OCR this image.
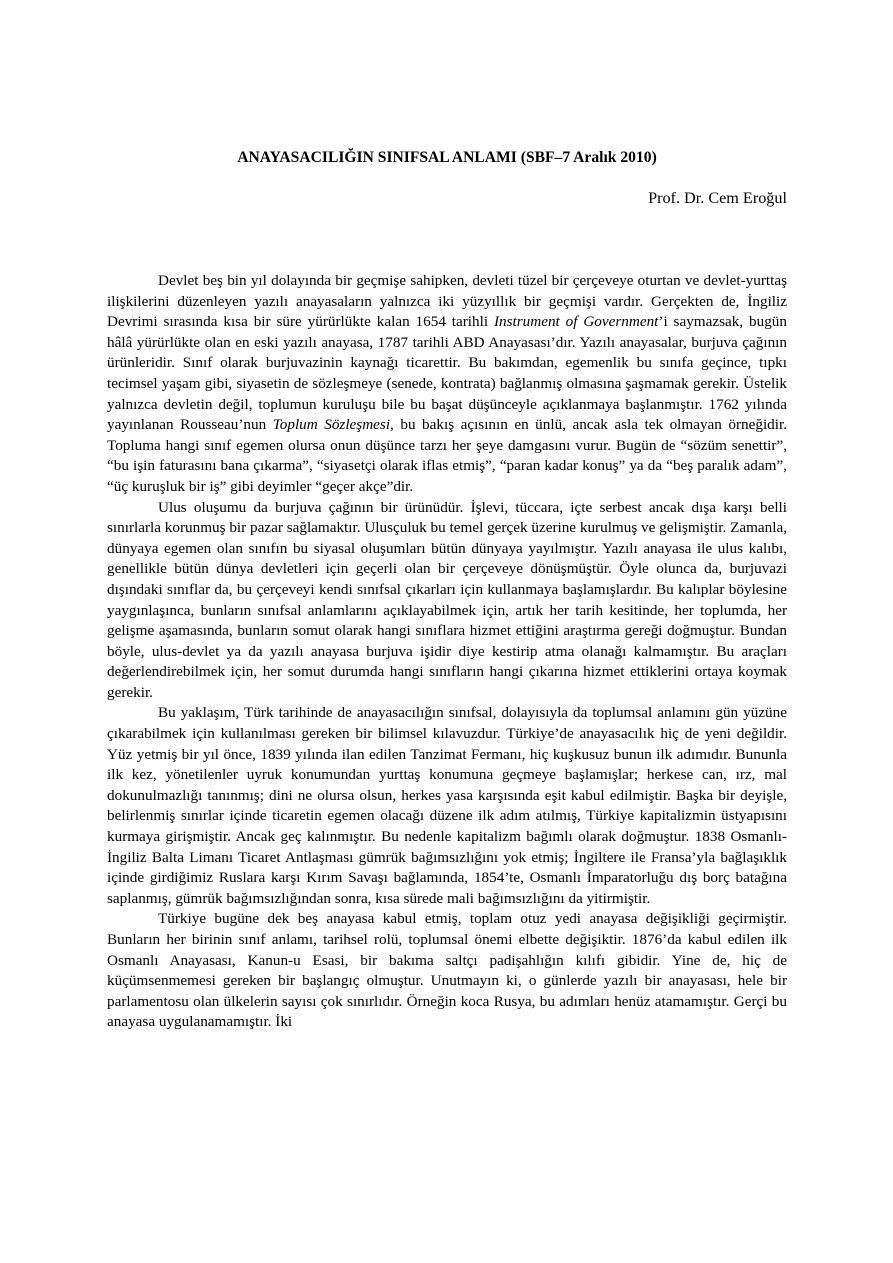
ANAYASACILIĞIN SINIFSAL ANLAMI (SBF–7 Aralık 2010)
Prof. Dr. Cem Eroğul

Devlet beş bin yıl dolayında bir geçmişe sahipken, devleti tüzel bir çerçeveye oturtan ve devlet-yurttaş ilişkilerini düzenleyen yazılı anayasaların yalnızca iki yüzyıllık bir geçmişi vardır. Gerçekten de, İngiliz Devrimi sırasında kısa bir süre yürürlükte kalan 1654 tarihli Instrument of Government’i saymazsak, bugün hâlâ yürürlükte olan en eski yazılı anayasa, 1787 tarihli ABD Anayasası’dır. Yazılı anayasalar, burjuva çağının ürünleridir. Sınıf olarak burjuvazinin kaynağı ticarettir. Bu bakımdan, egemenlik bu sınıfa geçince, tıpkı tecimsel yaşam gibi, siyasetin de sözleşmeye (senede, kontrata) bağlanmış olmasına şaşmamak gerekir. Üstelik yalnızca devletin değil, toplumun kuruluşu bile bu başat düşünceyle açıklanmaya başlanmıştır. 1762 yılında yayınlanan Rousseau’nun Toplum Sözleşmesi, bu bakış açısının en ünlü, ancak asla tek olmayan örneğidir. Topluma hangi sınıf egemen olursa onun düşünce tarzı her şeye damgasını vurur. Bugün de “sözüm senettir”, “bu işin faturasını bana çıkarma”, “siyasetçi olarak iflas etmiş”, “paran kadar konuş” ya da “beş paralık adam”, “üç kuruşluk bir iş” gibi deyimler “geçer akçe”dir.

Ulus oluşumu da burjuva çağının bir ürünüdür. İşlevi, tüccara, içte serbest ancak dışa karşı belli sınırlarla korunmuş bir pazar sağlamaktır. Ulusçuluk bu temel gerçek üzerine kurulmuş ve gelişmiştir. Zamanla, dünyaya egemen olan sınıfın bu siyasal oluşumları bütün dünyaya yayılmıştır. Yazılı anayasa ile ulus kalıbı, genellikle bütün dünya devletleri için geçerli olan bir çerçeveye dönüşmüştür. Öyle olunca da, burjuvazi dışındaki sınıflar da, bu çerçeveyi kendi sınıfsal çıkarları için kullanmaya başlamışlardır. Bu kalıplar böylesine yaygınlaşınca, bunların sınıfsal anlamlarını açıklayabilmek için, artık her tarih kesitinde, her toplumda, her gelişme aşamasında, bunların somut olarak hangi sınıflara hizmet ettiğini araştırma gereği doğmuştur. Bundan böyle, ulus-devlet ya da yazılı anayasa burjuva işidir diye kestirip atma olanağı kalmamıştır. Bu araçları değerlendirebilmek için, her somut durumda hangi sınıfların hangi çıkarına hizmet ettiklerini ortaya koymak gerekir.

Bu yaklaşım, Türk tarihinde de anayasacılığın sınıfsal, dolayısıyla da toplumsal anlamını gün yüzüne çıkarabilmek için kullanılması gereken bir bilimsel kılavuzdur. Türkiye’de anayasacılık hiç de yeni değildir. Yüz yetmiş bir yıl önce, 1839 yılında ilan edilen Tanzimat Fermanı, hiç kuşkusuz bunun ilk adımıdır. Bununla ilk kez, yönetilenler uyruk konumundan yurttaş konumuna geçmeye başlamışlar; herkese can, ırz, mal dokunulmazlığı tanınmış; dini ne olursa olsun, herkes yasa karşısında eşit kabul edilmiştir. Başka bir deyişle, belirlenmiş sınırlar içinde ticaretin egemen olacağı düzene ilk adım atılmış, Türkiye kapitalizmin üstyapısını kurmaya girişmiştir. Ancak geç kalınmıştır. Bu nedenle kapitalizm bağımlı olarak doğmuştur. 1838 Osmanlı-İngiliz Balta Limanı Ticaret Antlaşması gümrük bağımsızlığını yok etmiş; İngiltere ile Fransa’yla bağlaşıklık içinde girdiğimiz Ruslara karşı Kırım Savaşı bağlamında, 1854’te, Osmanlı İmparatorluğu dış borç batağına saplanmış, gümrük bağımsızlığından sonra, kısa sürede mali bağımsızlığını da yitirmiştir.

Türkiye bugüne dek beş anayasa kabul etmiş, toplam otuz yedi anayasa değişikliği geçirmiştir. Bunların her birinin sınıf anlamı, tarihsel rolü, toplumsal önemi elbette değişiktir. 1876’da kabul edilen ilk Osmanlı Anayasası, Kanun-u Esasi, bir bakıma saltçı padişahlığın kılıfı gibidir. Yine de, hiç de küçümsenmemesi gereken bir başlangıç olmuştur. Unutmayın ki, o günlerde yazılı bir anayasası, hele bir parlamentosu olan ülkelerin sayısı çok sınırlıdır. Örneğin koca Rusya, bu adımları henüz atamamıştır. Gerçi bu anayasa uygulanamamıştır. İki
